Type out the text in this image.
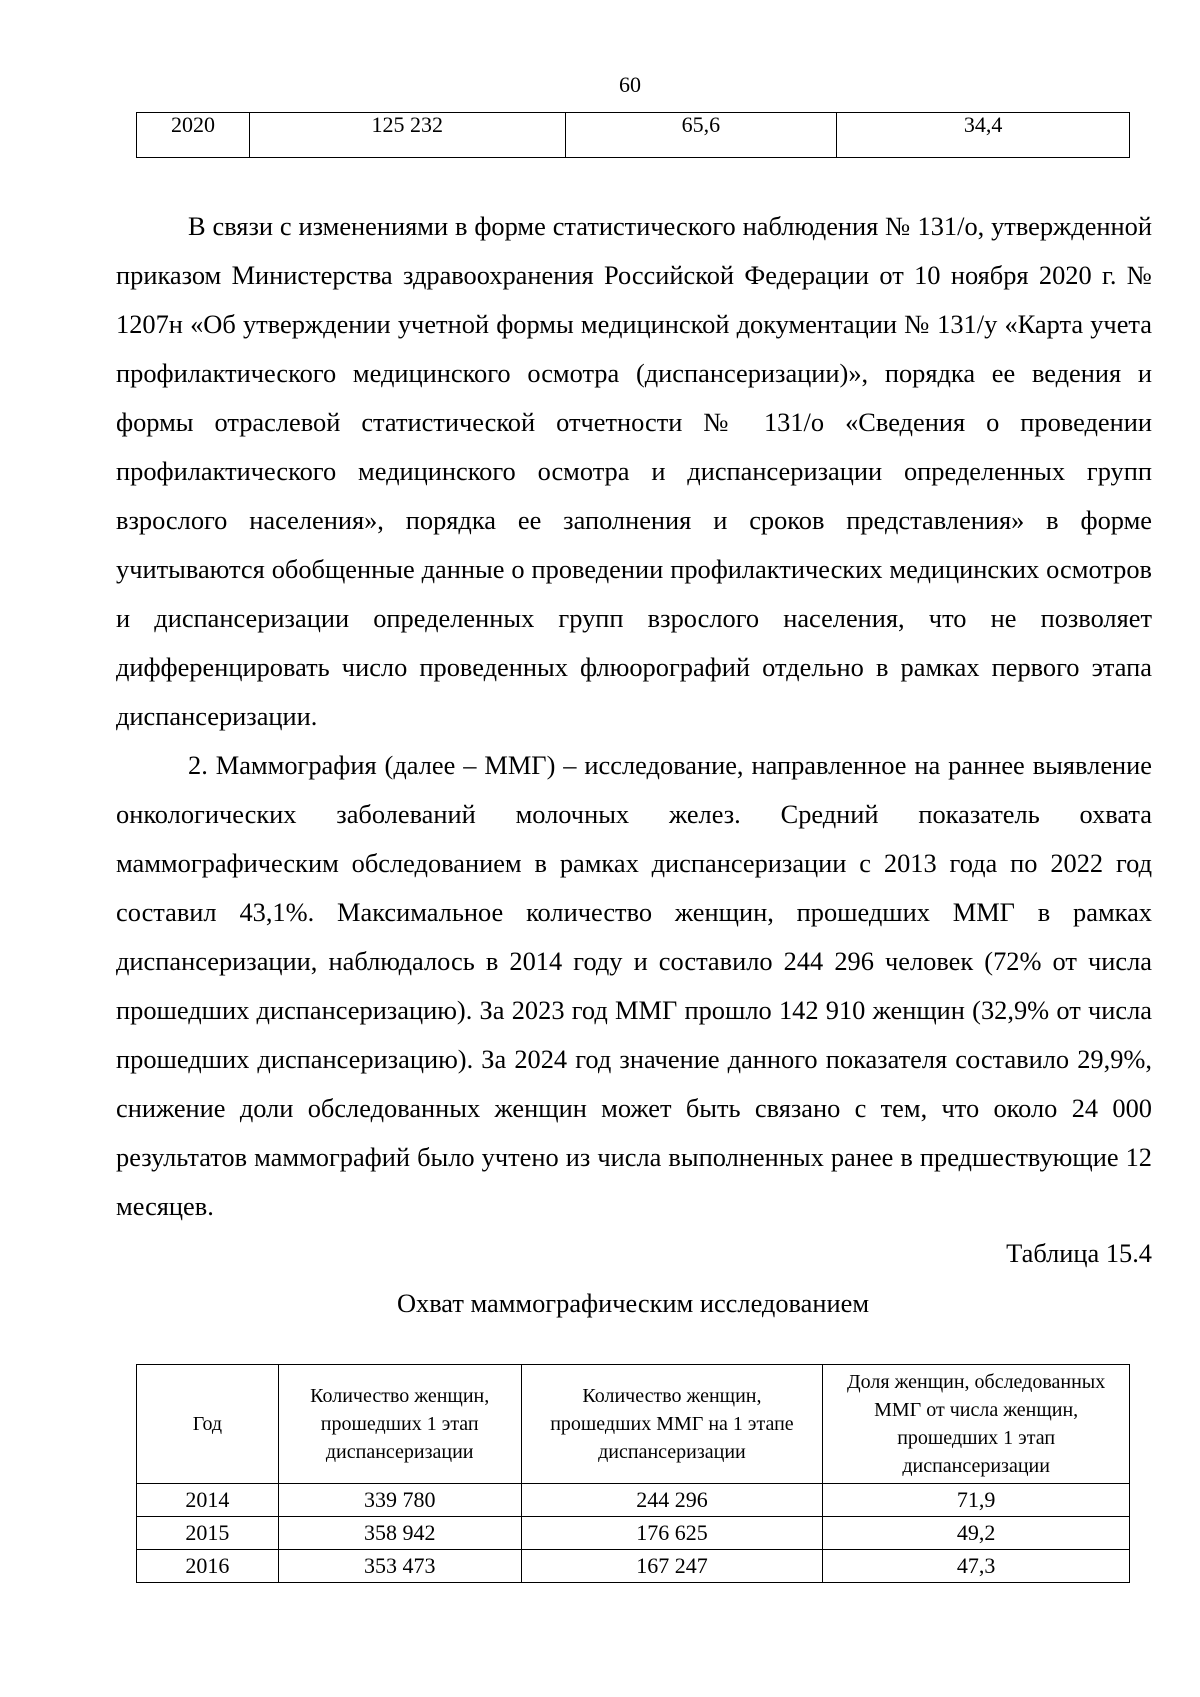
60
2020	125 232	65,6	34,4

В связи с изменениями в форме статистического наблюдения № 131/о, утвержденной приказом Министерства здравоохранения Российской Федерации от 10 ноября 2020 г. № 1207н «Об утверждении учетной формы медицинской документации № 131/у «Карта учета профилактического медицинского осмотра (диспансеризации)», порядка ее ведения и формы отраслевой статистической отчетности № 131/о «Сведения о проведении профилактического медицинского осмотра и диспансеризации определенных групп взрослого населения», порядка ее заполнения и сроков представления» в форме учитываются обобщенные данные о проведении профилактических медицинских осмотров и диспансеризации определенных групп взрослого населения, что не позволяет дифференцировать число проведенных флюорографий отдельно в рамках первого этапа диспансеризации.

2. Маммография (далее – ММГ) – исследование, направленное на раннее выявление онкологических заболеваний молочных желез. Средний показатель охвата маммографическим обследованием в рамках диспансеризации с 2013 года по 2022 год составил 43,1%. Максимальное количество женщин, прошедших ММГ в рамках диспансеризации, наблюдалось в 2014 году и составило 244 296 человек (72% от числа прошедших диспансеризацию). За 2023 год ММГ прошло 142 910 женщин (32,9% от числа прошедших диспансеризацию). За 2024 год значение данного показателя составило 29,9%, снижение доли обследованных женщин может быть связано с тем, что около 24 000 результатов маммографий было учтено из числа выполненных ранее в предшествующие 12 месяцев.

Таблица 15.4
Охват маммографическим исследованием
Год	Количество женщин, прошедших 1 этап диспансеризации	Количество женщин, прошедших ММГ на 1 этапе диспансеризации	Доля женщин, обследованных ММГ от числа женщин, прошедших 1 этап диспансеризации
2014	339 780	244 296	71,9
2015	358 942	176 625	49,2
2016	353 473	167 247	47,3
